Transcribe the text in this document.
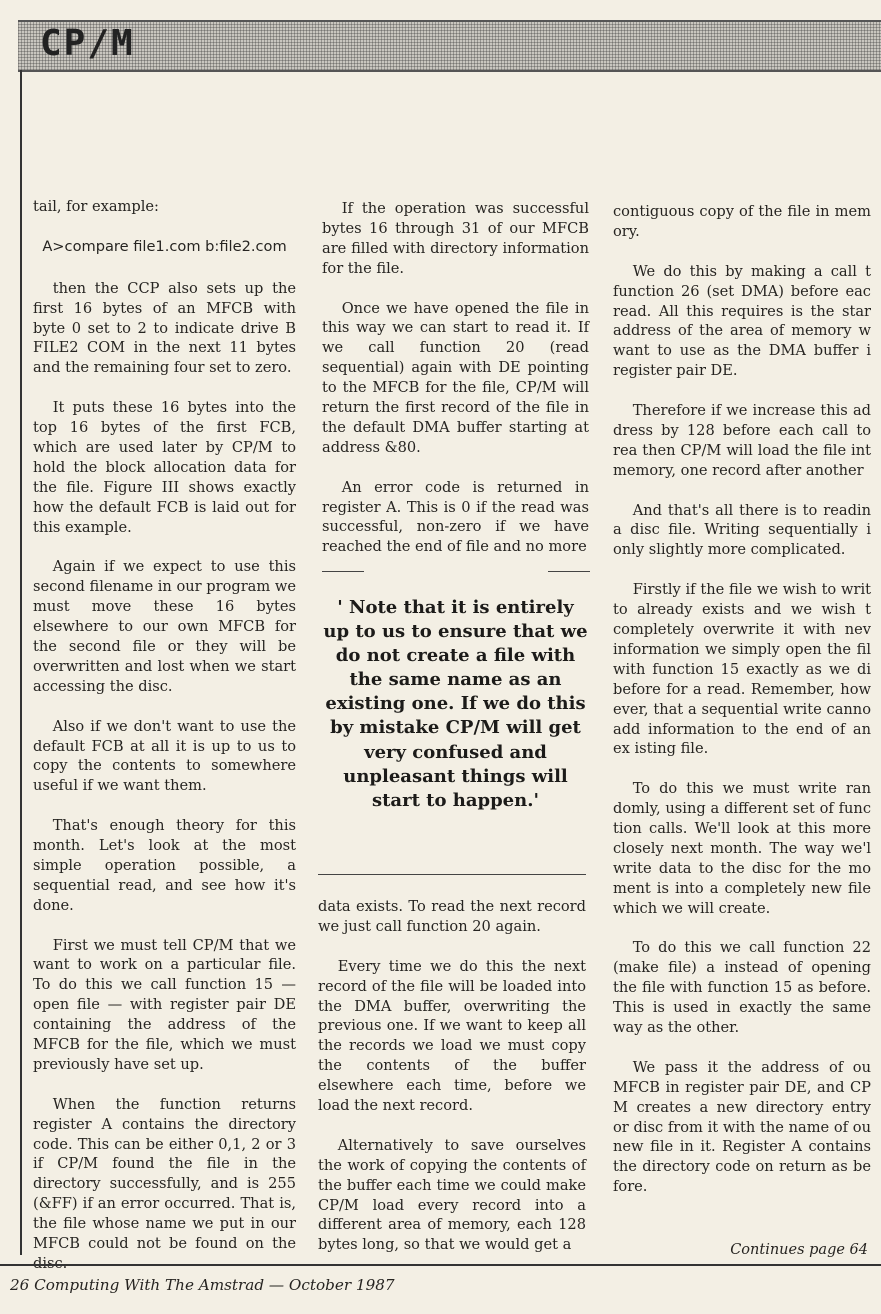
CP/M

tail, for example:

A>compare file1.com b:file2.com

then the CCP also sets up the first 16 bytes of an MFCB with byte 0 set to 2 to indicate drive B FILE2 COM in the next 11 bytes and the remaining four set to zero.

It puts these 16 bytes into the top 16 bytes of the first FCB, which are used later by CP/M to hold the block allocation data for the file. Figure III shows exactly how the default FCB is laid out for this example.

Again if we expect to use this second filename in our program we must move these 16 bytes elsewhere to our own MFCB for the second file or they will be overwritten and lost when we start accessing the disc.

Also if we don't want to use the default FCB at all it is up to us to copy the contents to somewhere useful if we want them.

That's enough theory for this month. Let's look at the most simple operation possible, a sequential read, and see how it's done.

First we must tell CP/M that we want to work on a particular file. To do this we call function 15 — open file — with register pair DE containing the address of the MFCB for the file, which we must previously have set up.

When the function returns register A contains the directory code. This can be either 0,1, 2 or 3 if CP/M found the file in the directory successfully, and is 255 (&FF) if an error occurred. That is, the file whose name we put in our MFCB could not be found on the

If the operation was successful bytes 16 through 31 of our MFCB are filled with directory information for the file.

Once we have opened the file in this way we can start to read it. If we call function 20 (read sequential) again with DE pointing to the MFCB for the file, CP/M will return the first record of the file in the default DMA buffer starting at address &80.

An error code is returned in register A. This is 0 if the read was successful, non-zero if we have reached the end of file and no more

' Note that it is entirely up to us to ensure that we do not create a file with the same name as an existing one. If we do this by mistake CP/M will get very confused and unpleasant things will start to happen.'

data exists. To read the next record we just call function 20 again.

Every time we do this the next record of the file will be loaded into the DMA buffer, overwriting the previous one. If we want to keep all the records we load we must copy the contents of the buffer elsewhere each time, before we load the next record.

Alternatively to save ourselves the work of copying the contents of the buffer each time we could make CP/M load every record into a different area of memory, each 128 bytes long, so that we would get a

contiguous copy of the file in mem ory.

We do this by making a call t function 26 (set DMA) before eac read. All this requires is the star address of the area of memory w want to use as the DMA buffer i register pair DE.

Therefore if we increase this ad dress by 128 before each call to rea then CP/M will load the file int memory, one record after another

And that's all there is to readin a disc file. Writing sequentially i only slightly more complicated.

Firstly if the file we wish to writ to already exists and we wish t completely overwrite it with nev information we simply open the fil with function 15 exactly as we di before for a read. Remember, how ever, that a sequential write canno add information to the end of an ex isting file.

To do this we must write ran domly, using a different set of func tion calls. We'll look at this more closely next month. The way we'l write data to the disc for the mo ment is into a completely new file which we will create.

To do this we call function 22 (make file) a instead of opening the file with function 15 as before. This is used in exactly the same way as the other.

We pass it the address of ou MFCB in register pair DE, and CP M creates a new directory entry or disc from it with the name of ou new file in it. Register A contains the directory code on return as be fore.

Continues page 64
26 Computing With The Amstrad — October 1987
